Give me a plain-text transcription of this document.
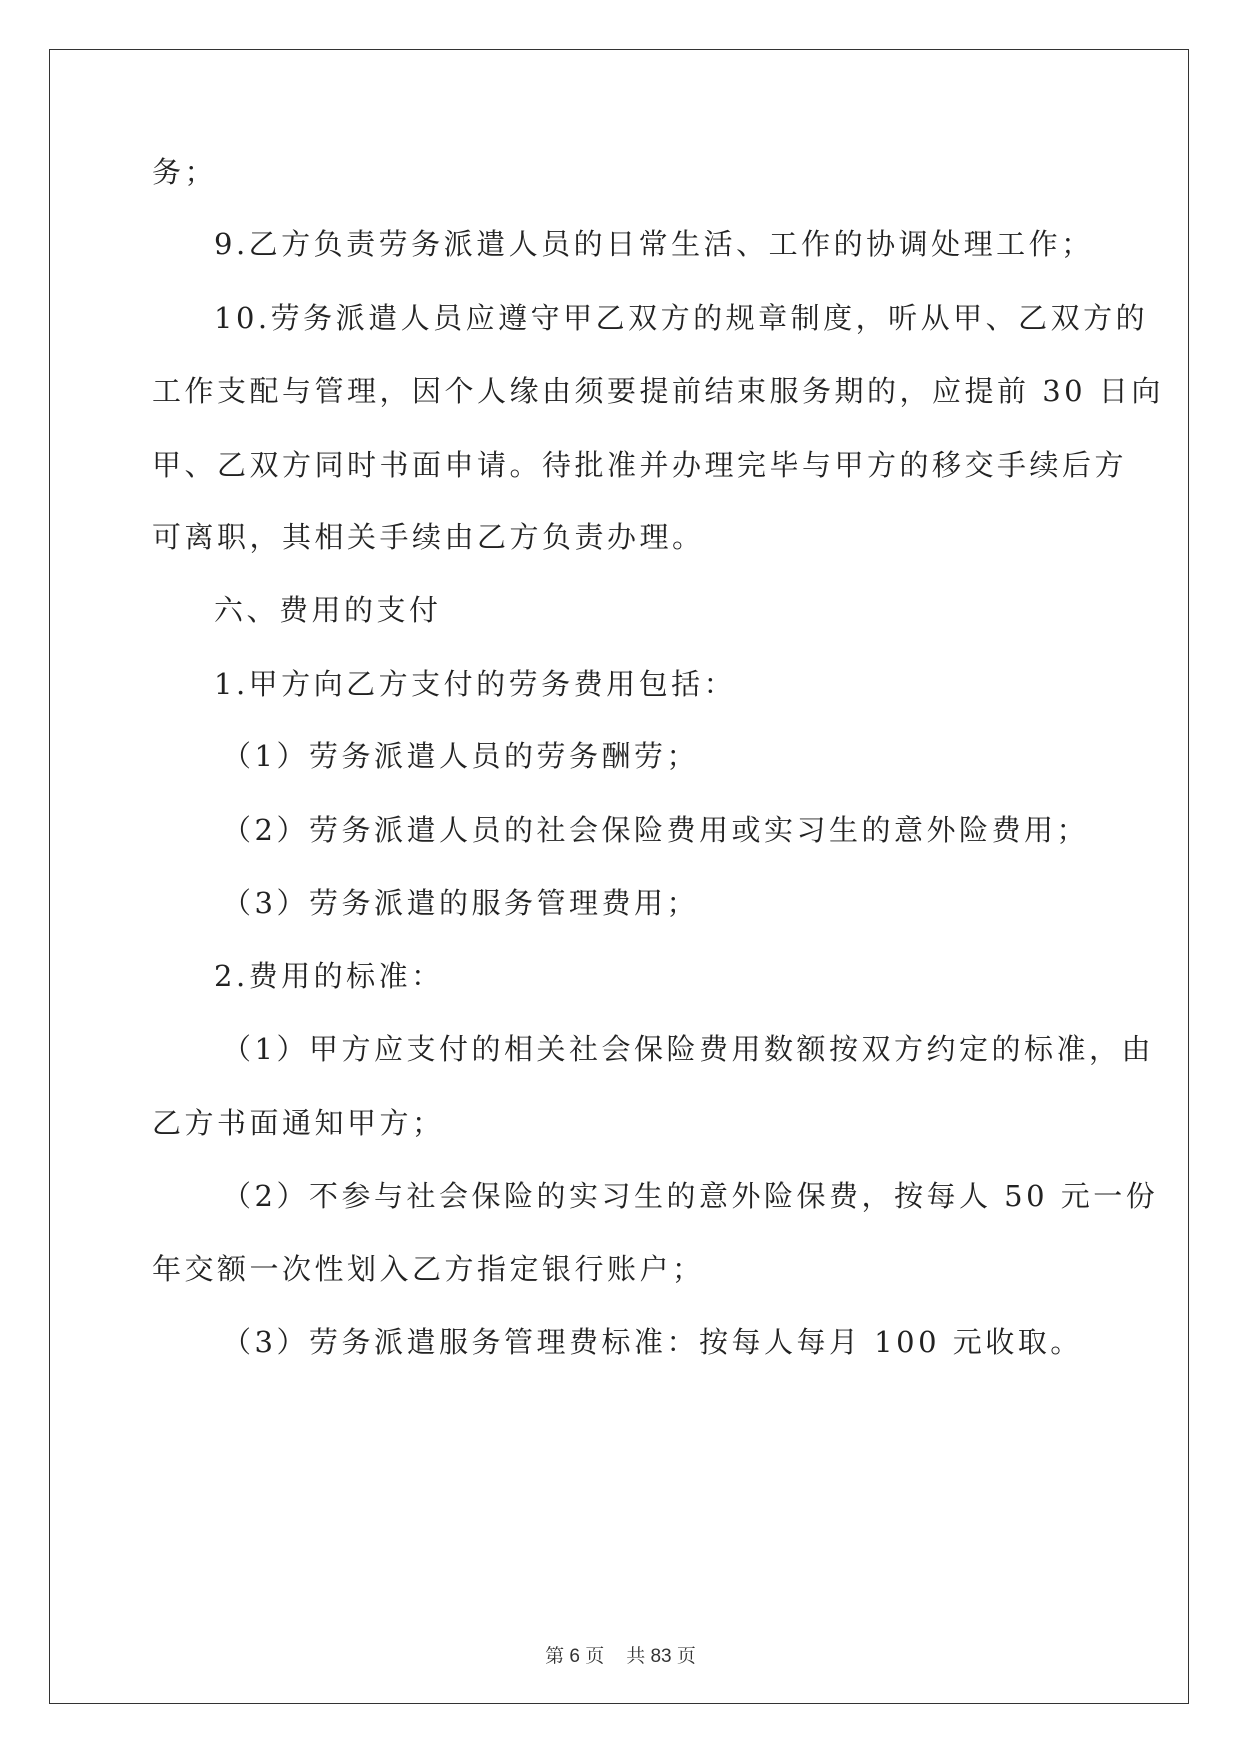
务；
9.乙方负责劳务派遣人员的日常生活、工作的协调处理工作；
10.劳务派遣人员应遵守甲乙双方的规章制度，听从甲、乙双方的
工作支配与管理，因个人缘由须要提前结束服务期的，应提前 30 日向
甲、乙双方同时书面申请。待批准并办理完毕与甲方的移交手续后方
可离职，其相关手续由乙方负责办理。
六、费用的支付
1.甲方向乙方支付的劳务费用包括：
（1）劳务派遣人员的劳务酬劳；
（2）劳务派遣人员的社会保险费用或实习生的意外险费用；
（3）劳务派遣的服务管理费用；
2.费用的标准：
（1）甲方应支付的相关社会保险费用数额按双方约定的标准，由
乙方书面通知甲方；
（2）不参与社会保险的实习生的意外险保费，按每人 50 元一份
年交额一次性划入乙方指定银行账户；
（3）劳务派遣服务管理费标准：按每人每月 100 元收取。
第 6 页 共 83 页
